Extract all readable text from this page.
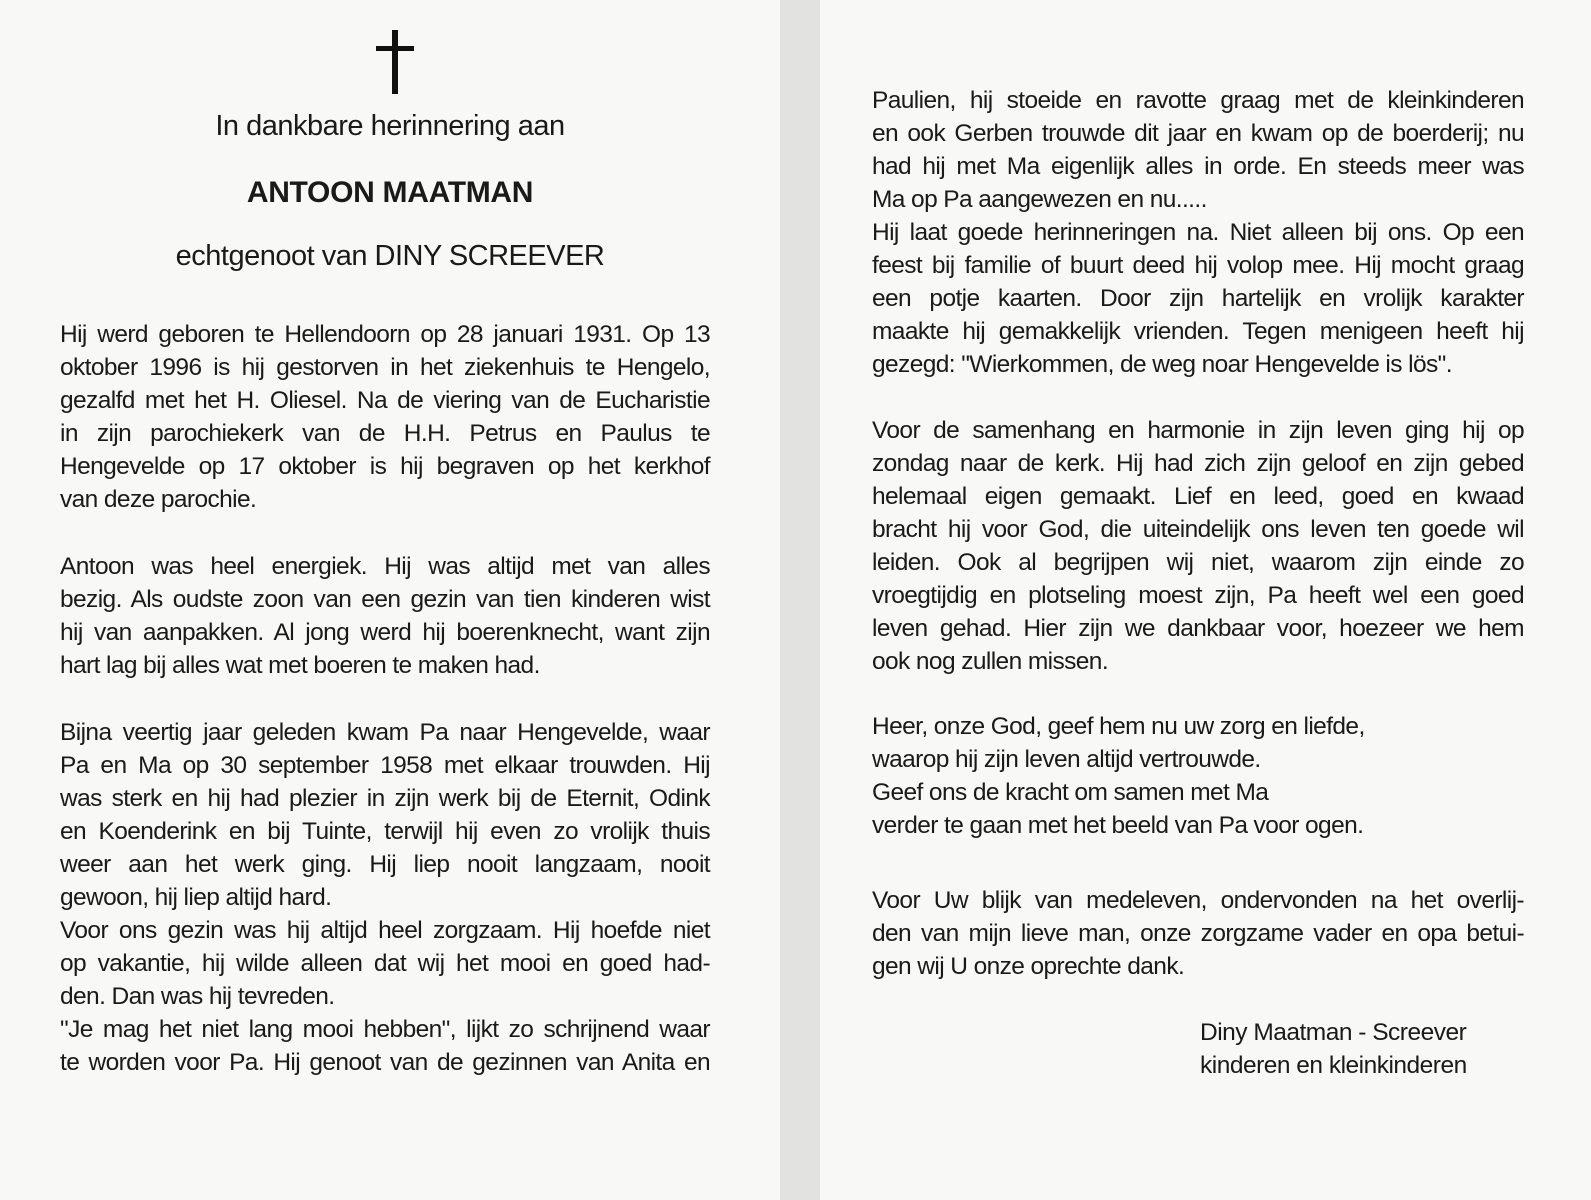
In dankbare herinnering aan
ANTOON MAATMAN
echtgenoot van DINY SCREEVER
Hij werd geboren te Hellendoorn op 28 januari 1931. Op 13
oktober 1996 is hij gestorven in het ziekenhuis te Hengelo,
gezalfd met het H. Oliesel. Na de viering van de Eucharistie
in zijn parochiekerk van de H.H. Petrus en Paulus te
Hengevelde op 17 oktober is hij begraven op het kerkhof
van deze parochie.
Antoon was heel energiek. Hij was altijd met van alles
bezig. Als oudste zoon van een gezin van tien kinderen wist
hij van aanpakken. Al jong werd hij boerenknecht, want zijn
hart lag bij alles wat met boeren te maken had.
Bijna veertig jaar geleden kwam Pa naar Hengevelde, waar
Pa en Ma op 30 september 1958 met elkaar trouwden. Hij
was sterk en hij had plezier in zijn werk bij de Eternit, Odink
en Koenderink en bij Tuinte, terwijl hij even zo vrolijk thuis
weer aan het werk ging. Hij liep nooit langzaam, nooit
gewoon, hij liep altijd hard.
Voor ons gezin was hij altijd heel zorgzaam. Hij hoefde niet
op vakantie, hij wilde alleen dat wij het mooi en goed had-
den. Dan was hij tevreden.
"Je mag het niet lang mooi hebben", lijkt zo schrijnend waar
te worden voor Pa. Hij genoot van de gezinnen van Anita en
Paulien, hij stoeide en ravotte graag met de kleinkinderen
en ook Gerben trouwde dit jaar en kwam op de boerderij; nu
had hij met Ma eigenlijk alles in orde. En steeds meer was
Ma op Pa aangewezen en nu.....
Hij laat goede herinneringen na. Niet alleen bij ons. Op een
feest bij familie of buurt deed hij volop mee. Hij mocht graag
een potje kaarten. Door zijn hartelijk en vrolijk karakter
maakte hij gemakkelijk vrienden. Tegen menigeen heeft hij
gezegd: "Wierkommen, de weg noar Hengevelde is lös".
Voor de samenhang en harmonie in zijn leven ging hij op
zondag naar de kerk. Hij had zich zijn geloof en zijn gebed
helemaal eigen gemaakt. Lief en leed, goed en kwaad
bracht hij voor God, die uiteindelijk ons leven ten goede wil
leiden. Ook al begrijpen wij niet, waarom zijn einde zo
vroegtijdig en plotseling moest zijn, Pa heeft wel een goed
leven gehad. Hier zijn we dankbaar voor, hoezeer we hem
ook nog zullen missen.
Heer, onze God, geef hem nu uw zorg en liefde,
waarop hij zijn leven altijd vertrouwde.
Geef ons de kracht om samen met Ma
verder te gaan met het beeld van Pa voor ogen.
Voor Uw blijk van medeleven, ondervonden na het overlij-
den van mijn lieve man, onze zorgzame vader en opa betui-
gen wij U onze oprechte dank.
Diny Maatman - Screever
kinderen en kleinkinderen
